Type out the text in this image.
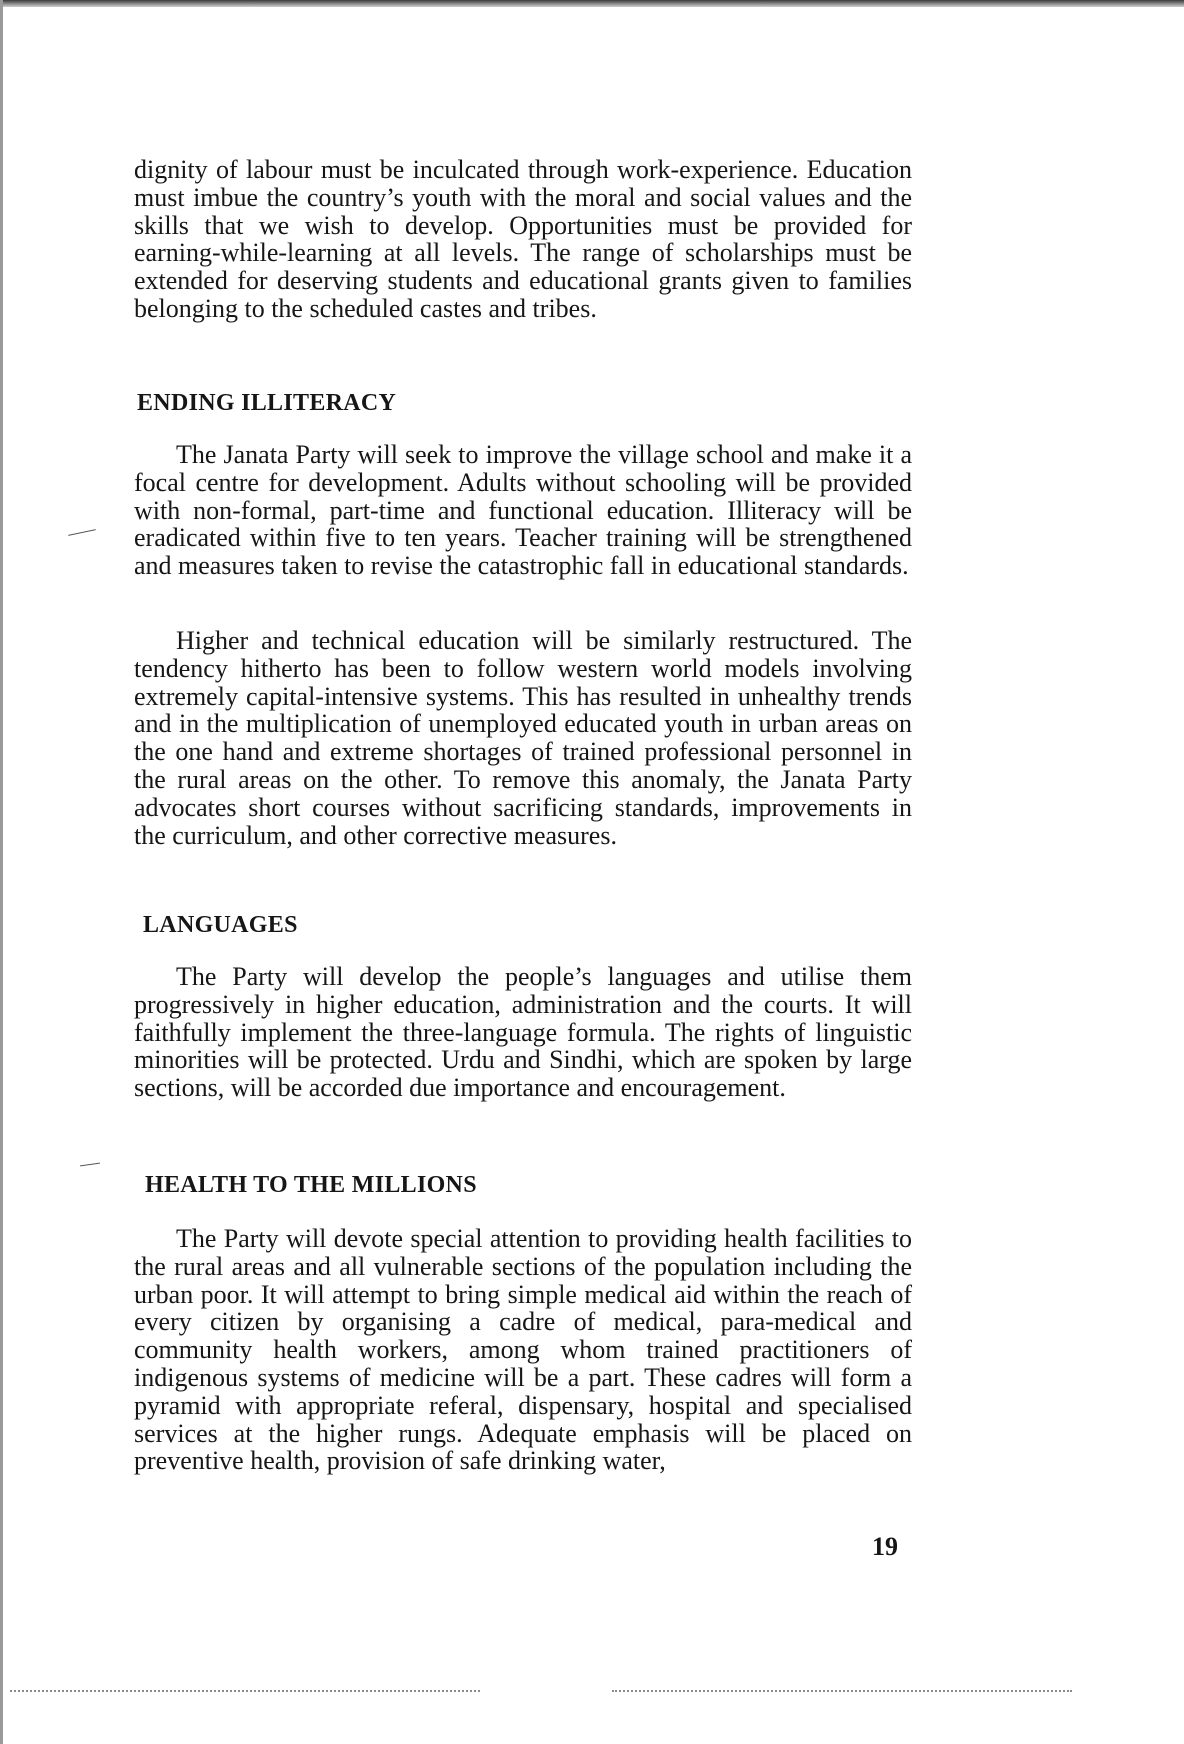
dignity of labour must be inculcated through work-experience. Education must imbue the country’s youth with the moral and social values and the skills that we wish to develop. Opportunities must be provided for earning-while-learning at all levels. The range of scholarships must be extended for deserving students and educational grants given to families belonging to the scheduled castes and tribes.

ENDING ILLITERACY

The Janata Party will seek to improve the village school and make it a focal centre for development. Adults without schooling will be provided with non-formal, part-time and functional education. Illiteracy will be eradicated within five to ten years. Teacher training will be strengthened and measures taken to revise the catastrophic fall in educational standards.

Higher and technical education will be similarly restructured. The tendency hitherto has been to follow western world models involving extremely capital-intensive systems. This has resulted in unhealthy trends and in the multiplication of unemployed educated youth in urban areas on the one hand and extreme shortages of trained professional personnel in the rural areas on the other. To remove this anomaly, the Janata Party advocates short courses without sacrificing standards, improvements in the curriculum, and other corrective measures.

LANGUAGES

The Party will develop the people’s languages and utilise them progressively in higher education, administration and the courts. It will faithfully implement the three-language formula. The rights of linguistic minorities will be protected. Urdu and Sindhi, which are spoken by large sections, will be accorded due importance and encouragement.

HEALTH TO THE MILLIONS

The Party will devote special attention to providing health facilities to the rural areas and all vulnerable sections of the population including the urban poor. It will attempt to bring simple medical aid within the reach of every citizen by organising a cadre of medical, para-medical and community health workers, among whom trained practitioners of indigenous systems of medicine will be a part. These cadres will form a pyramid with appropriate referal, dispensary, hospital and specialised services at the higher rungs. Adequate emphasis will be placed on preventive health, provision of safe drinking water,

19
